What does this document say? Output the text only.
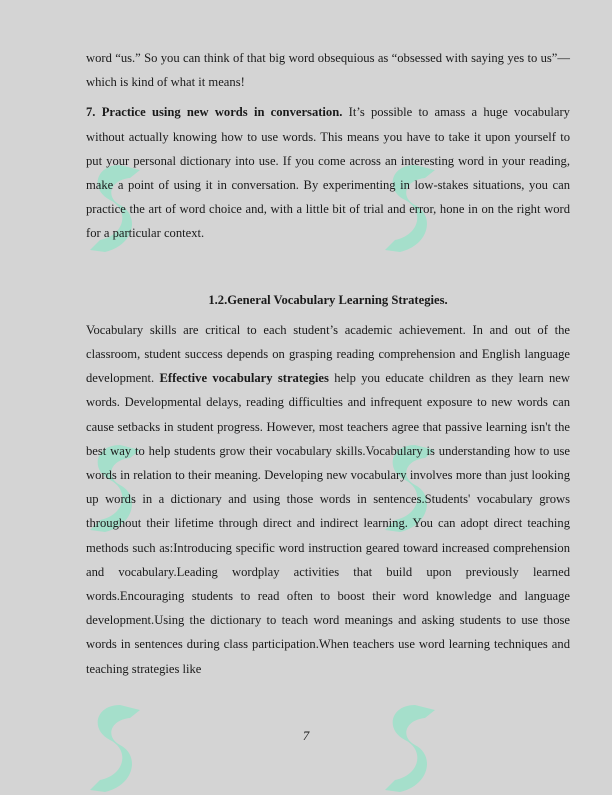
word “us.” So you can think of that big word obsequious as “obsessed with saying yes to us”—which is kind of what it means!

7. Practice using new words in conversation. It’s possible to amass a huge vocabulary without actually knowing how to use words. This means you have to take it upon yourself to put your personal dictionary into use. If you come across an interesting word in your reading, make a point of using it in conversation. By experimenting in low-stakes situations, you can practice the art of word choice and, with a little bit of trial and error, hone in on the right word for a particular context.

1.2.General Vocabulary Learning Strategies.

Vocabulary skills are critical to each student’s academic achievement. In and out of the classroom, student success depends on grasping reading comprehension and English language development. Effective vocabulary strategies help you educate children as they learn new words. Developmental delays, reading difficulties and infrequent exposure to new words can cause setbacks in student progress. However, most teachers agree that passive learning isn't the best way to help students grow their vocabulary skills.Vocabulary is understanding how to use words in relation to their meaning. Developing new vocabulary involves more than just looking up words in a dictionary and using those words in sentences.Students' vocabulary grows throughout their lifetime through direct and indirect learning. You can adopt direct teaching methods such as:Introducing specific word instruction geared toward increased comprehension and vocabulary.Leading wordplay activities that build upon previously learned words.Encouraging students to read often to boost their word knowledge and language development.Using the dictionary to teach word meanings and asking students to use those words in sentences during class participation.When teachers use word learning techniques and teaching strategies like

7
